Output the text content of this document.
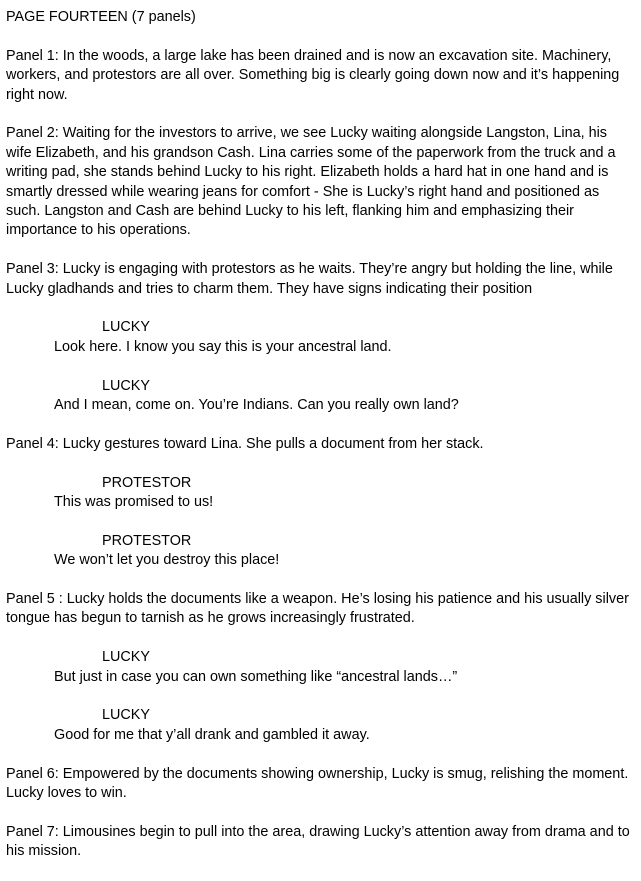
PAGE FOURTEEN (7 panels)
Panel 1: In the woods, a large lake has been drained and is now an excavation site. Machinery, workers, and protestors are all over. Something big is clearly going down now and it’s happening right now.
Panel 2: Waiting for the investors to arrive, we see Lucky waiting alongside Langston, Lina, his wife Elizabeth, and his grandson Cash. Lina carries some of the paperwork from the truck and a writing pad, she stands behind Lucky to his right. Elizabeth holds a hard hat in one hand and is smartly dressed while wearing jeans for comfort - She is Lucky’s right hand and positioned as such. Langston and Cash are behind Lucky to his left, flanking him and emphasizing their importance to his operations.
Panel 3: Lucky is engaging with protestors as he waits. They’re angry but holding the line, while Lucky gladhands and tries to charm them. They have signs indicating their position
LUCKY
Look here. I know you say this is your ancestral land.
LUCKY
And I mean, come on. You’re Indians. Can you really own land?
Panel 4: Lucky gestures toward Lina. She pulls a document from her stack.
PROTESTOR
This was promised to us!
PROTESTOR
We won’t let you destroy this place!
Panel 5 : Lucky holds the documents like a weapon. He’s losing his patience and his usually silver tongue has begun to tarnish as he grows increasingly frustrated.
LUCKY
But just in case you can own something like “ancestral lands…”
LUCKY
Good for me that y’all drank and gambled it away.
Panel 6: Empowered by the documents showing ownership, Lucky is smug, relishing the moment. Lucky loves to win.
Panel 7: Limousines begin to pull into the area, drawing Lucky’s attention away from drama and to his mission.
